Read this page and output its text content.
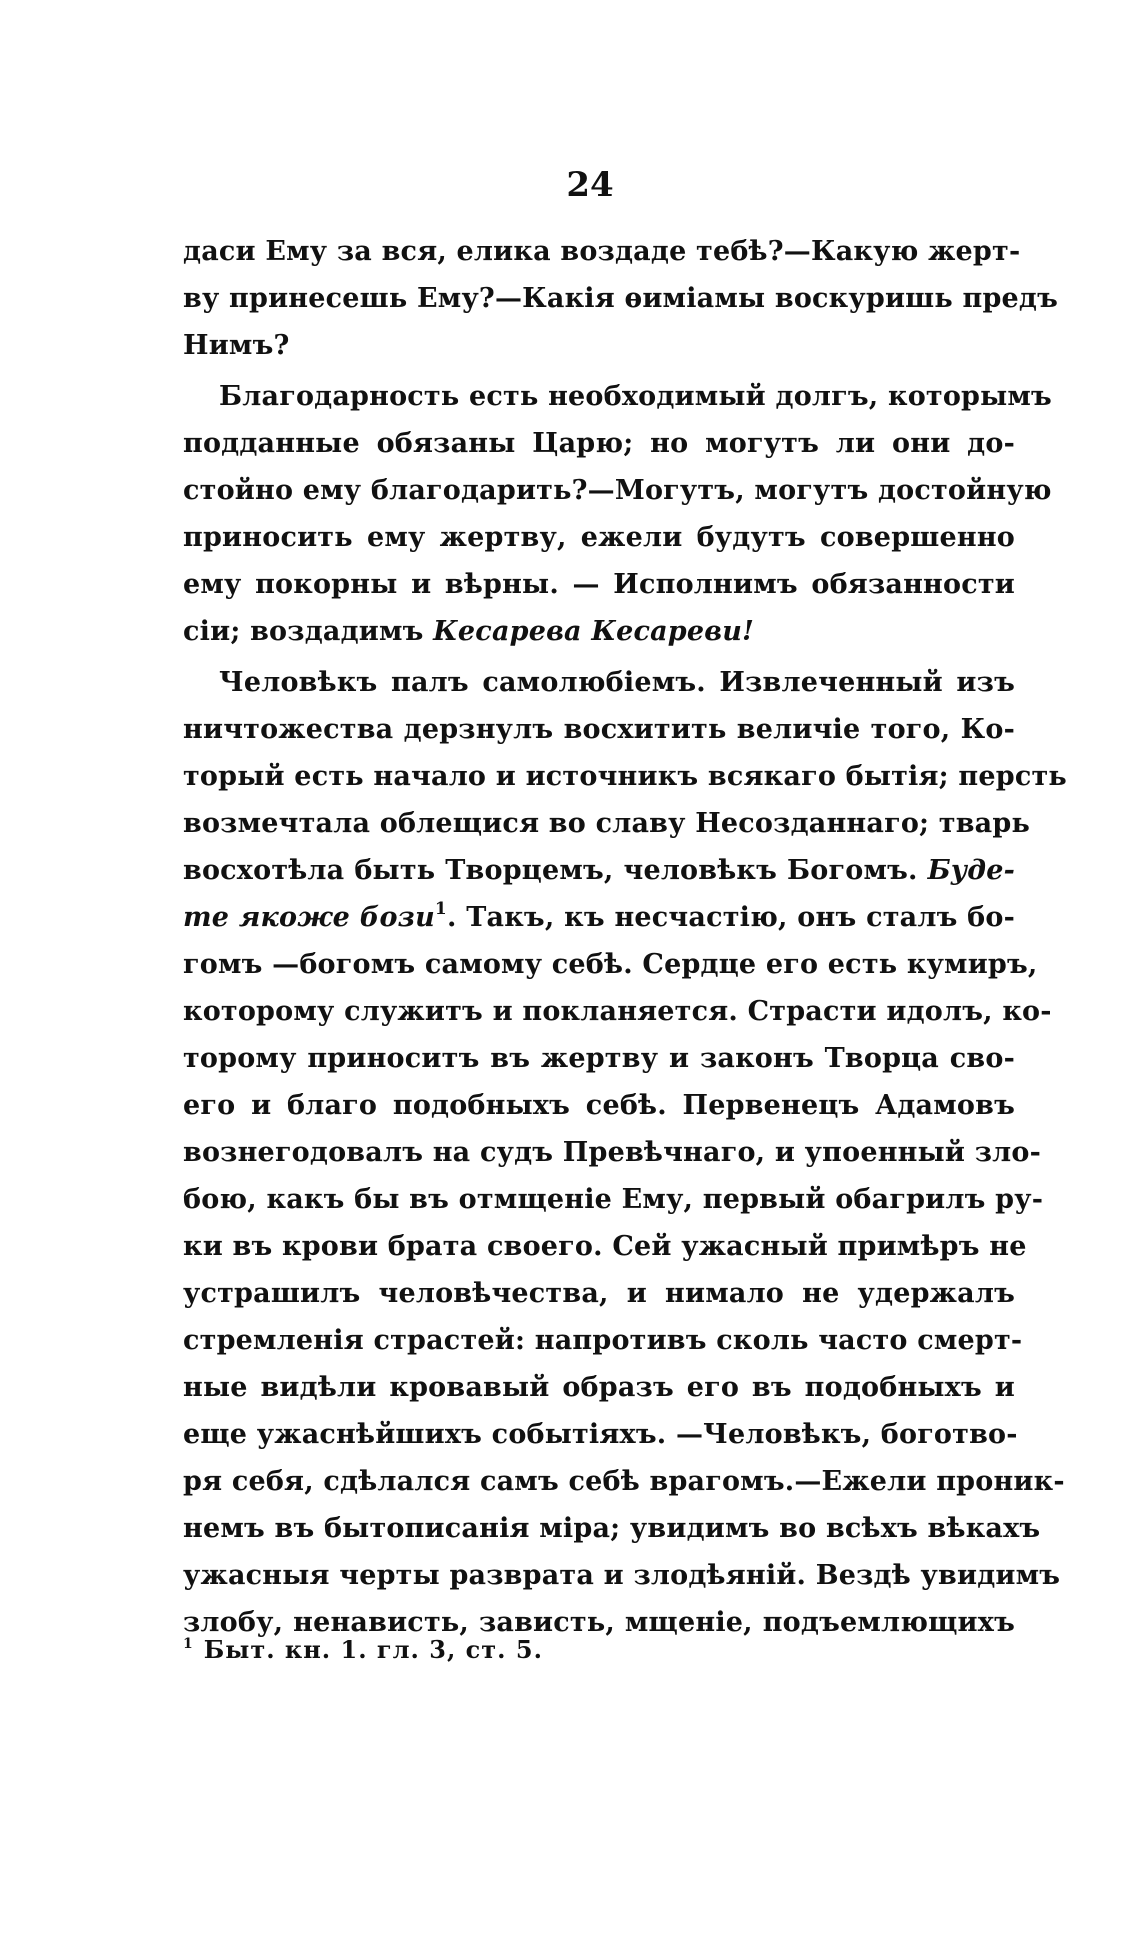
24
даси Ему за вся, елика воздаде тебѣ?—Какую жерт-
ву принесешь Ему?—Какія ѳиміамы воскуришь предъ
Нимъ?
Благодарность есть необходимый долгъ, которымъ
подданные обязаны Царю; но могутъ ли они до-
стойно ему благодарить?—Могутъ, могутъ достойную
приносить ему жертву, ежели будутъ совершенно
ему покорны и вѣрны. — Исполнимъ обязанности
сіи; воздадимъ Кесарева Кесареви!
Человѣкъ палъ самолюбіемъ. Извлеченный изъ
ничтожества дерзнулъ восхитить величіе того, Ко-
торый есть начало и источникъ всякаго бытія; персть
возмечтала облещися во славу Несозданнаго; тварь
восхотѣла быть Творцемъ, человѣкъ Богомъ. Буде-
те якоже бози$^1$. Такъ, къ несчастію, онъ сталъ бо-
гомъ —богомъ самому себѣ. Сердце его есть кумиръ,
которому служитъ и покланяется. Страсти идолъ, ко-
торому приноситъ въ жертву и законъ Творца сво-
его и благо подобныхъ себѣ. Первенецъ Адамовъ
вознегодовалъ на судъ Превѣчнаго, и упоенный зло-
бою, какъ бы въ отмщеніе Ему, первый обагрилъ ру-
ки въ крови брата своего. Сей ужасный примѣръ не
устрашилъ человѣчества, и нимало не удержалъ
стремленія страстей: напротивъ сколь часто смерт-
ные видѣли кровавый образъ его въ подобныхъ и
еще ужаснѣйшихъ событіяхъ. —Человѣкъ, боготво-
ря себя, сдѣлался самъ себѣ врагомъ.—Ежели проник-
немъ въ бытописанія міра; увидимъ во всѣхъ вѣкахъ
ужасныя черты разврата и злодѣяній. Вездѣ увидимъ
злобу, ненависть, зависть, мщеніе, подъемлющихъ
$^1$ Быт. кн. 1. гл. 3, ст. 5.
